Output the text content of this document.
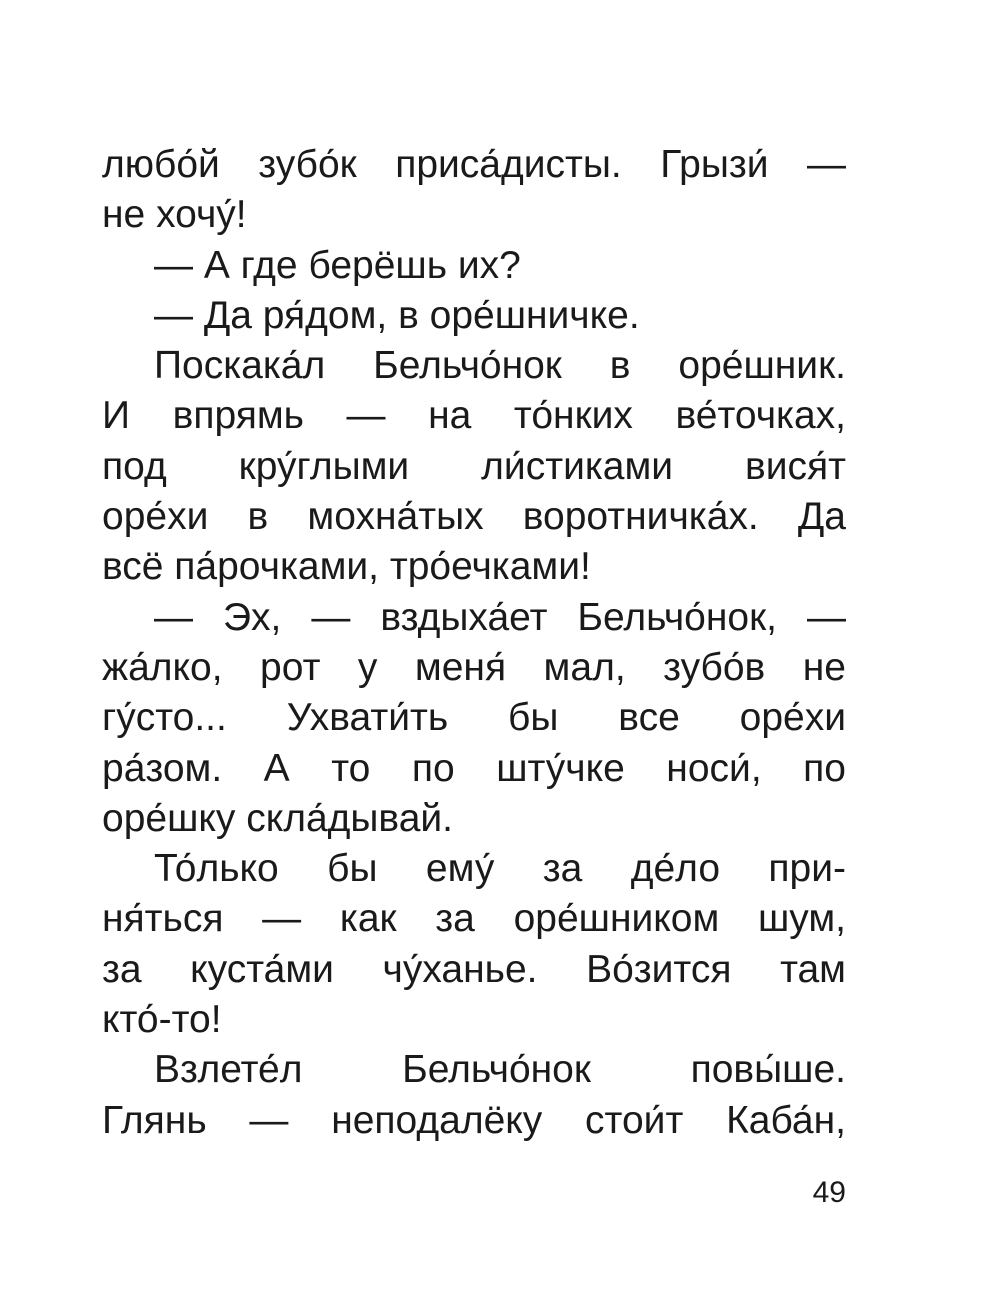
любо́й зубо́к приса́дисты. Грызи́ —
не хочу́!
— А где берёшь их?
— Да ря́дом, в оре́шничке.
Поскака́л Бельчо́нок в оре́шник.
И впрямь — на то́нких ве́точках,
под кру́глыми ли́стиками вися́т
оре́хи в мохна́тых воротничка́х. Да
всё па́рочками, тро́ечками!
— Эх, — вздыха́ет Бельчо́нок, —
жа́лко, рот у меня́ мал, зубо́в не
гу́сто... Ухвати́ть бы все оре́хи
ра́зом. А то по шту́чке носи́, по
оре́шку скла́дывай.
То́лько бы ему́ за де́ло при-
ня́ться — как за оре́шником шум,
за куста́ми чу́ханье. Во́зится там
кто́-то!
Взлете́л Бельчо́нок повы́ше.
Глянь — неподалёку стои́т Каба́н,
49
